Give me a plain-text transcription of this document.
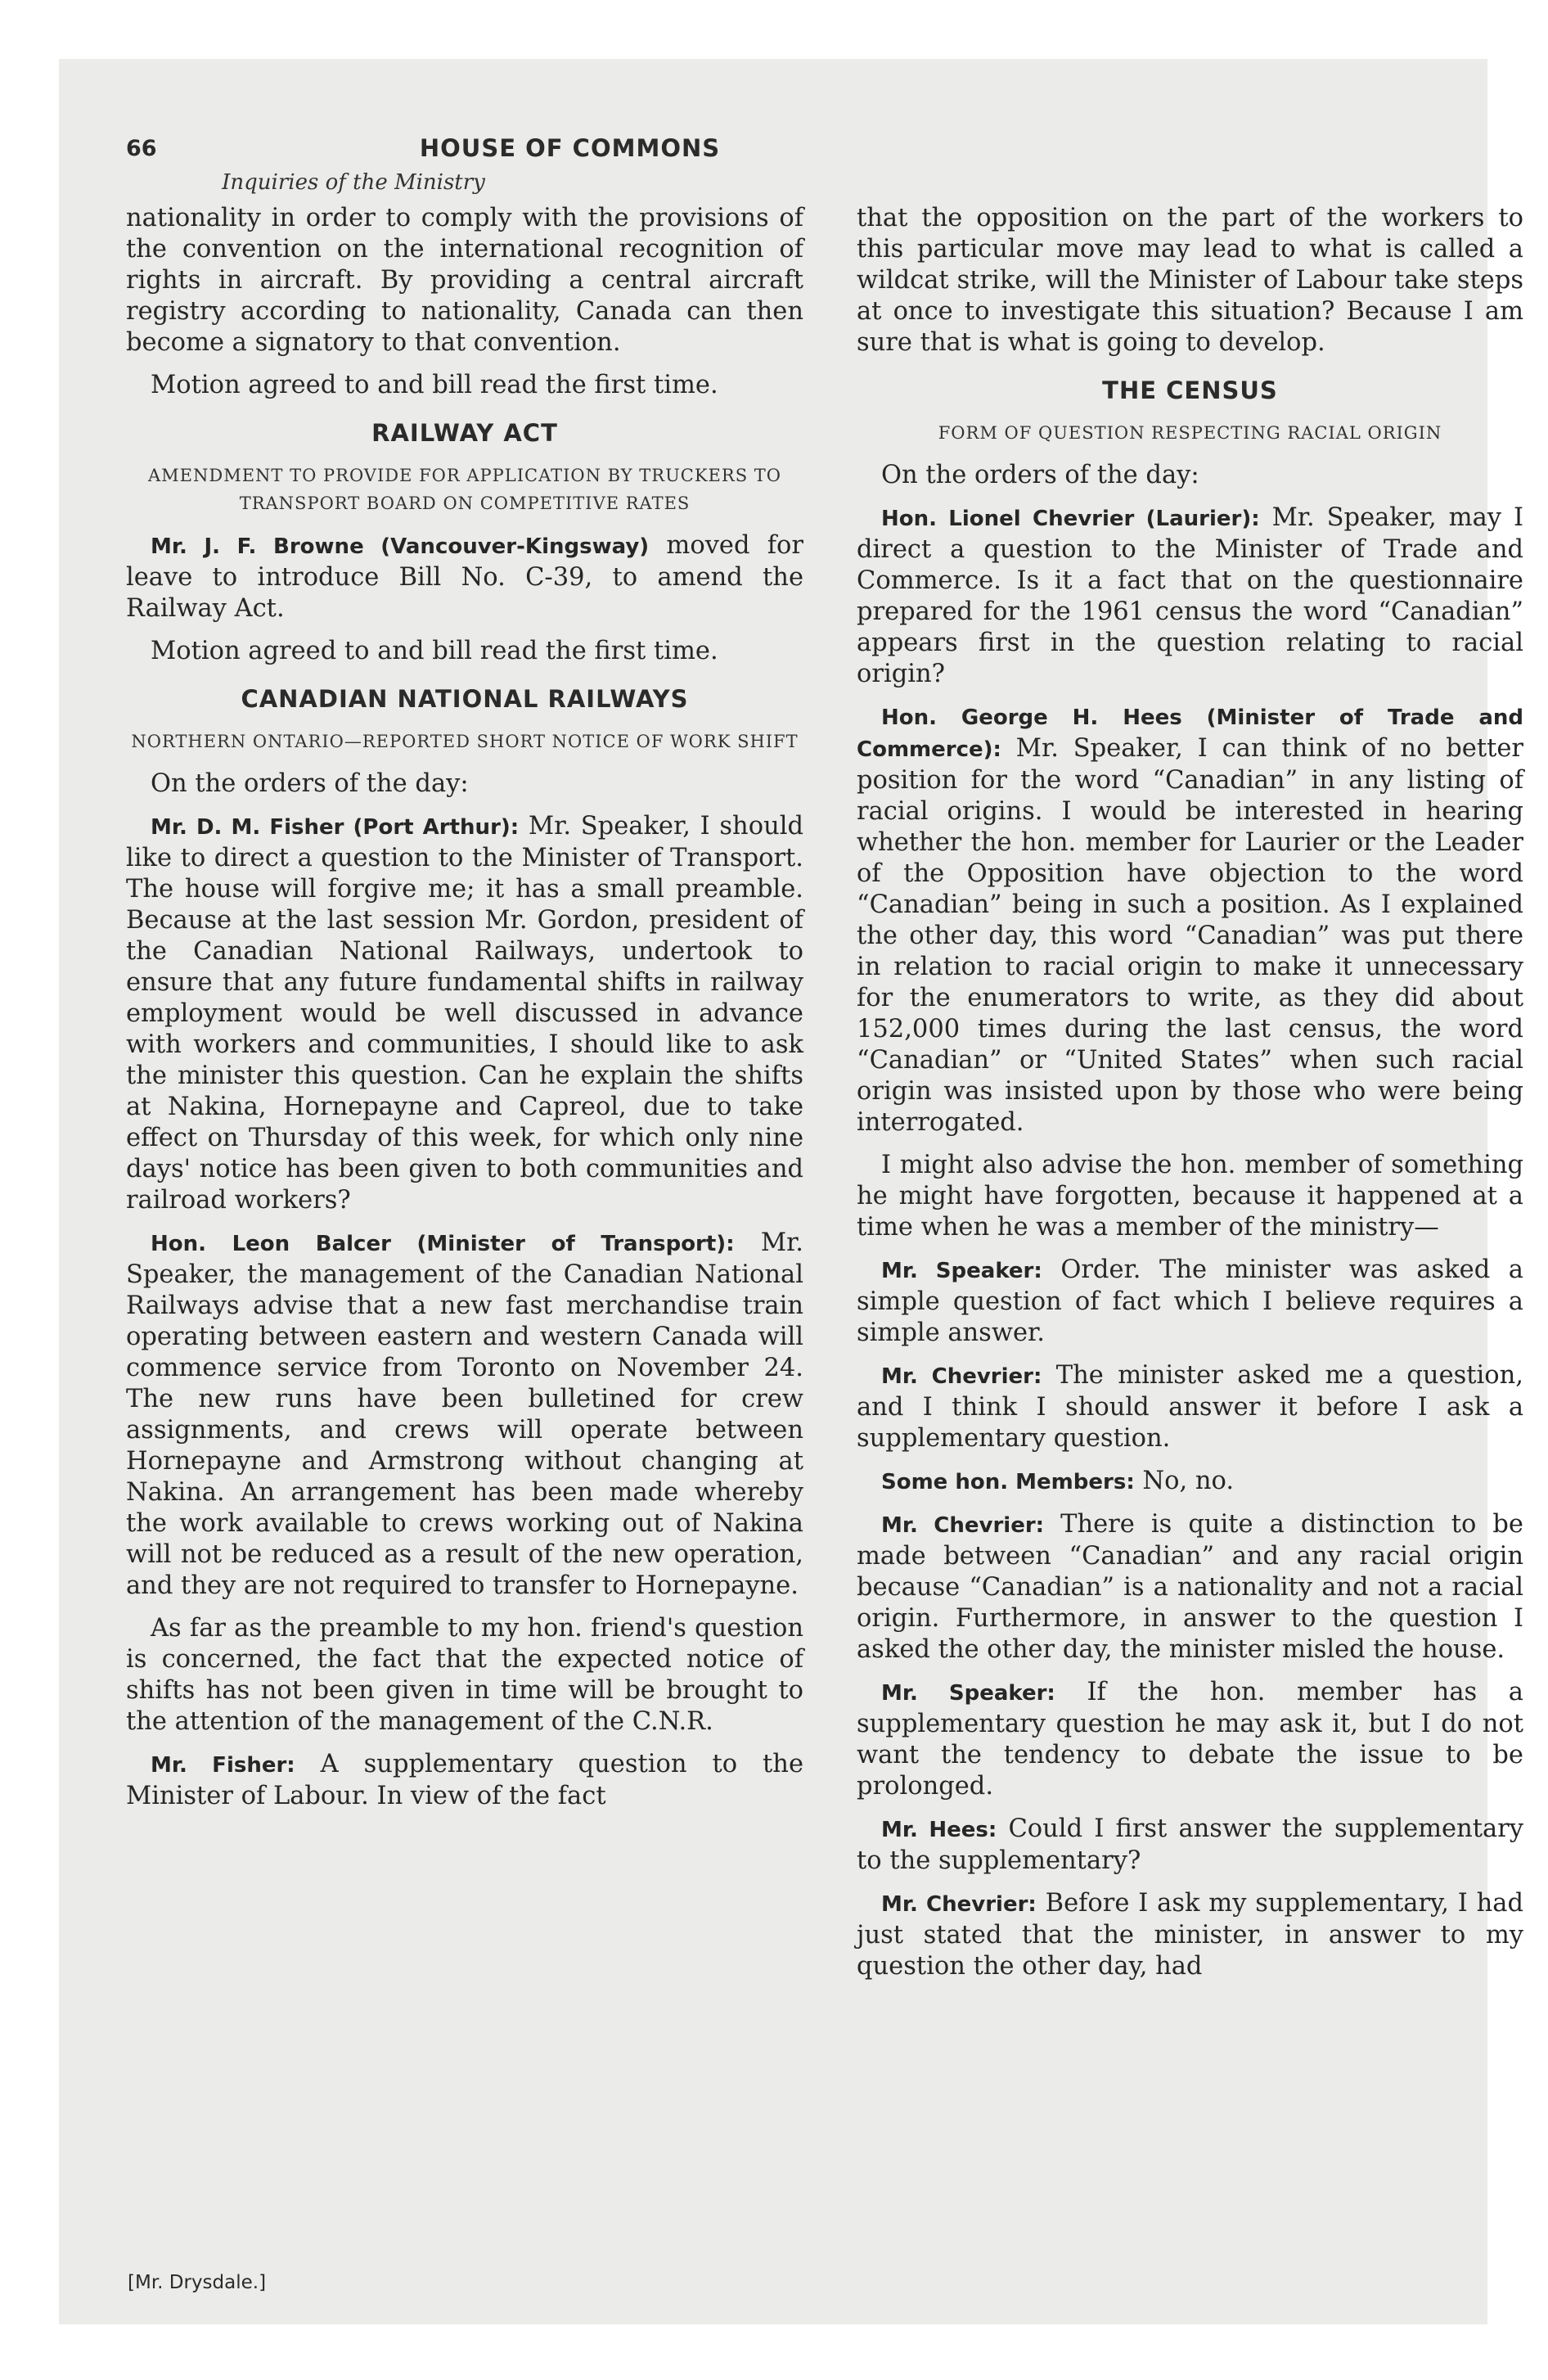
66	HOUSE OF COMMONS
Inquiries of the Ministry

nationality in order to comply with the provisions of the convention on the international recognition of rights in aircraft. By providing a central aircraft registry according to nationality, Canada can then become a signatory to that convention.

Motion agreed to and bill read the first time.

RAILWAY ACT
AMENDMENT TO PROVIDE FOR APPLICATION BY TRUCKERS TO TRANSPORT BOARD ON COMPETITIVE RATES

Mr. J. F. Browne (Vancouver-Kingsway) moved for leave to introduce Bill No. C-39, to amend the Railway Act.

Motion agreed to and bill read the first time.

CANADIAN NATIONAL RAILWAYS
NORTHERN ONTARIO—REPORTED SHORT NOTICE OF WORK SHIFT

On the orders of the day:

Mr. D. M. Fisher (Port Arthur): Mr. Speaker, I should like to direct a question to the Minister of Transport. The house will forgive me; it has a small preamble. Because at the last session Mr. Gordon, president of the Canadian National Railways, undertook to ensure that any future fundamental shifts in railway employment would be well discussed in advance with workers and communities, I should like to ask the minister this question. Can he explain the shifts at Nakina, Hornepayne and Capreol, due to take effect on Thursday of this week, for which only nine days' notice has been given to both communities and railroad workers?

Hon. Leon Balcer (Minister of Transport): Mr. Speaker, the management of the Canadian National Railways advise that a new fast merchandise train operating between eastern and western Canada will commence service from Toronto on November 24. The new runs have been bulletined for crew assignments, and crews will operate between Hornepayne and Armstrong without changing at Nakina. An arrangement has been made whereby the work available to crews working out of Nakina will not be reduced as a result of the new operation, and they are not required to transfer to Hornepayne.

As far as the preamble to my hon. friend's question is concerned, the fact that the expected notice of shifts has not been given in time will be brought to the attention of the management of the C.N.R.

Mr. Fisher: A supplementary question to the Minister of Labour. In view of the fact

that the opposition on the part of the workers to this particular move may lead to what is called a wildcat strike, will the Minister of Labour take steps at once to investigate this situation? Because I am sure that is what is going to develop.

THE CENSUS
FORM OF QUESTION RESPECTING RACIAL ORIGIN

On the orders of the day:

Hon. Lionel Chevrier (Laurier): Mr. Speaker, may I direct a question to the Minister of Trade and Commerce. Is it a fact that on the questionnaire prepared for the 1961 census the word “Canadian” appears first in the question relating to racial origin?

Hon. George H. Hees (Minister of Trade and Commerce): Mr. Speaker, I can think of no better position for the word “Canadian” in any listing of racial origins. I would be interested in hearing whether the hon. member for Laurier or the Leader of the Opposition have objection to the word “Canadian” being in such a position. As I explained the other day, this word “Canadian” was put there in relation to racial origin to make it unnecessary for the enumerators to write, as they did about 152,000 times during the last census, the word “Canadian” or “United States” when such racial origin was insisted upon by those who were being interrogated.

I might also advise the hon. member of something he might have forgotten, because it happened at a time when he was a member of the ministry—

Mr. Speaker: Order. The minister was asked a simple question of fact which I believe requires a simple answer.

Mr. Chevrier: The minister asked me a question, and I think I should answer it before I ask a supplementary question.

Some hon. Members: No, no.

Mr. Chevrier: There is quite a distinction to be made between “Canadian” and any racial origin because “Canadian” is a nationality and not a racial origin. Furthermore, in answer to the question I asked the other day, the minister misled the house.

Mr. Speaker: If the hon. member has a supplementary question he may ask it, but I do not want the tendency to debate the issue to be prolonged.

Mr. Hees: Could I first answer the supplementary to the supplementary?

Mr. Chevrier: Before I ask my supplementary, I had just stated that the minister, in answer to my question the other day, had

[Mr. Drysdale.]
